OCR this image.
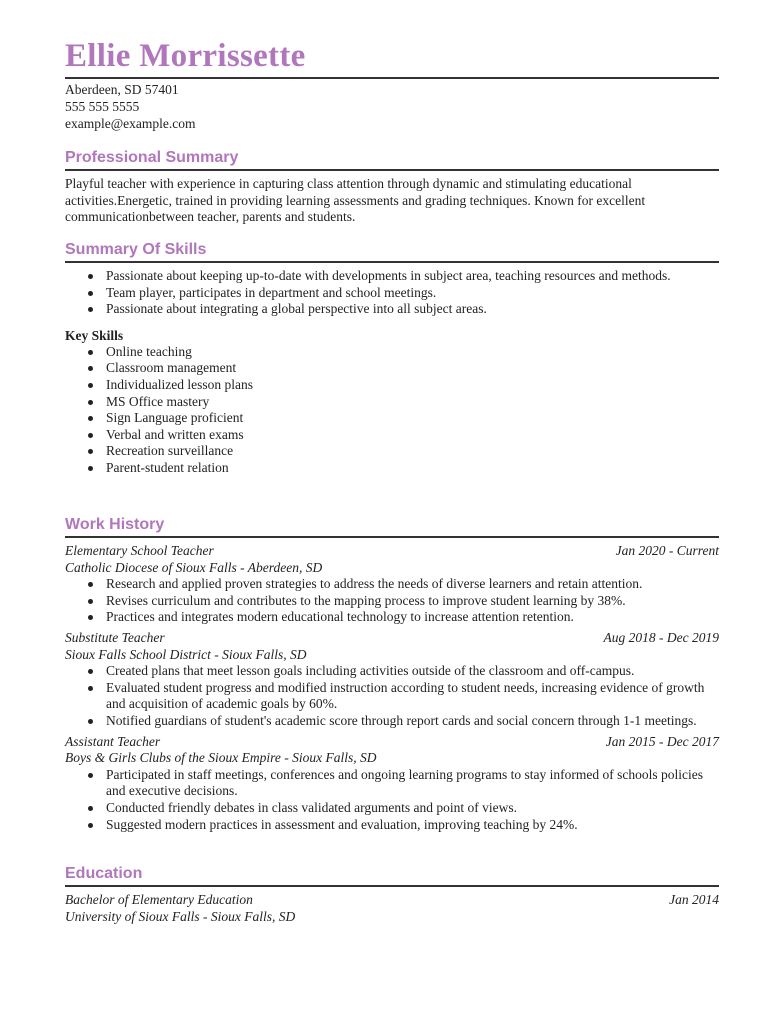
Ellie Morrissette
Aberdeen, SD 57401
555 555 5555
example@example.com
Professional Summary
Playful teacher with experience in capturing class attention through dynamic and stimulating educational activities.Energetic, trained in providing learning assessments and grading techniques. Known for excellent communicationbetween teacher, parents and students.
Summary Of Skills
Passionate about keeping up-to-date with developments in subject area, teaching resources and methods.
Team player, participates in department and school meetings.
Passionate about integrating a global perspective into all subject areas.
Key Skills
Online teaching
Classroom management
Individualized lesson plans
MS Office mastery
Sign Language proficient
Verbal and written exams
Recreation surveillance
Parent-student relation
Work History
Elementary School Teacher	Jan 2020 - Current
Catholic Diocese of Sioux Falls - Aberdeen, SD
Research and applied proven strategies to address the needs of diverse learners and retain attention.
Revises curriculum and contributes to the mapping process to improve student learning by 38%.
Practices and integrates modern educational technology to increase attention retention.
Substitute Teacher	Aug 2018 - Dec 2019
Sioux Falls School District - Sioux Falls, SD
Created plans that meet lesson goals including activities outside of the classroom and off-campus.
Evaluated student progress and modified instruction according to student needs, increasing evidence of growth and acquisition of academic goals by 60%.
Notified guardians of student's academic score through report cards and social concern through 1-1 meetings.
Assistant Teacher	Jan 2015 - Dec 2017
Boys & Girls Clubs of the Sioux Empire - Sioux Falls, SD
Participated in staff meetings, conferences and ongoing learning programs to stay informed of schools policies and executive decisions.
Conducted friendly debates in class validated arguments and point of views.
Suggested modern practices in assessment and evaluation, improving teaching by 24%.
Education
Bachelor of Elementary Education	Jan 2014
University of Sioux Falls - Sioux Falls, SD
